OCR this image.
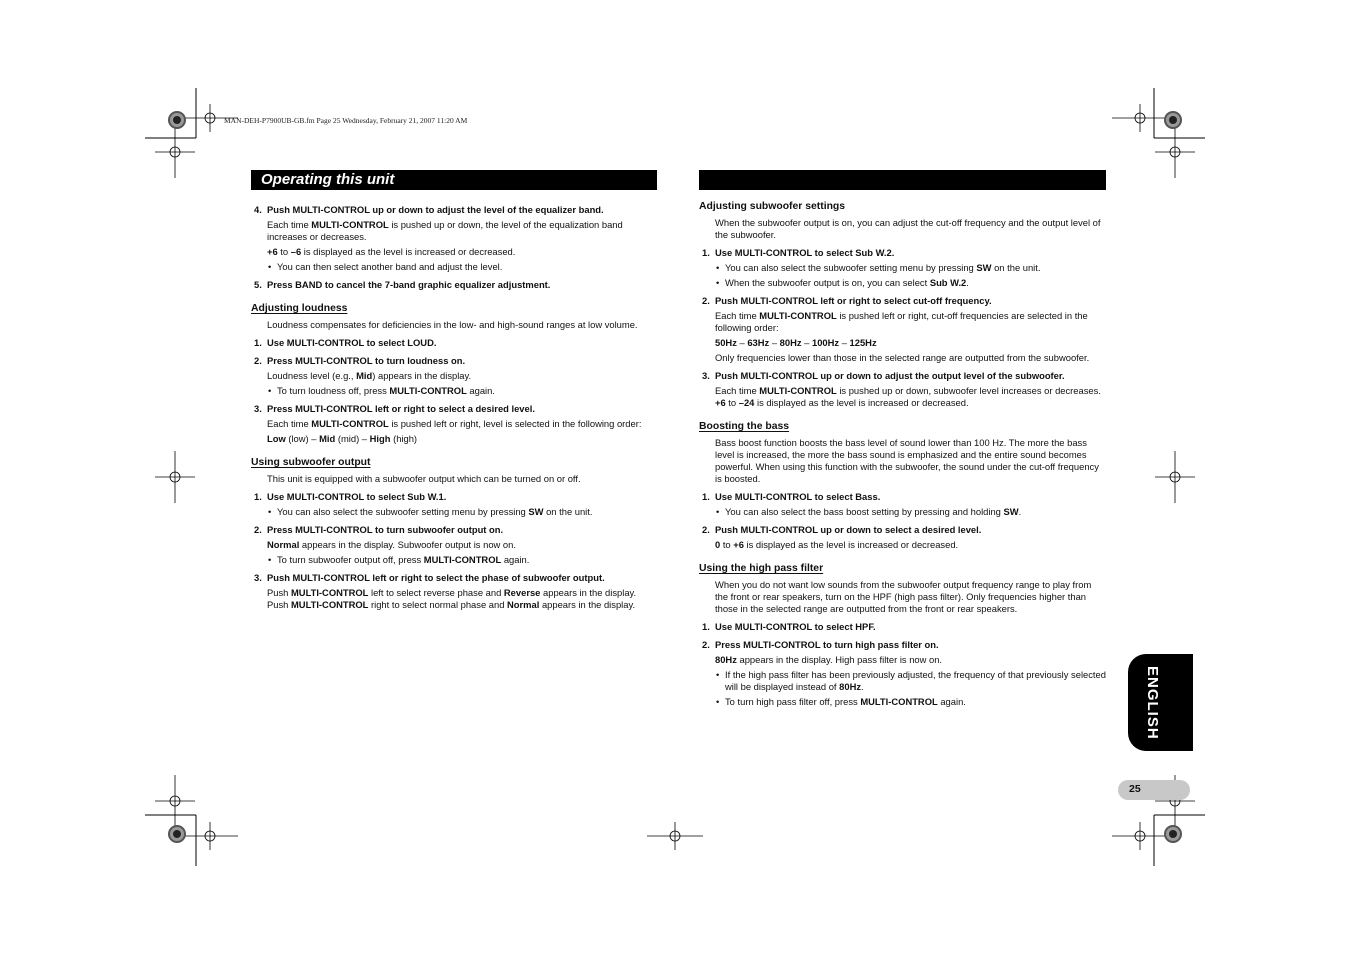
MAN-DEH-P7900UB-GB.fm Page 25 Wednesday, February 21, 2007 11:20 AM
Operating this unit
4. Push MULTI-CONTROL up or down to adjust the level of the equalizer band.
Each time MULTI-CONTROL is pushed up or down, the level of the equalization band increases or decreases.
+6 to –6 is displayed as the level is increased or decreased.
• You can then select another band and adjust the level.
5. Press BAND to cancel the 7-band graphic equalizer adjustment.
Adjusting loudness
Loudness compensates for deficiencies in the low- and high-sound ranges at low volume.
1. Use MULTI-CONTROL to select LOUD.
2. Press MULTI-CONTROL to turn loudness on.
Loudness level (e.g., Mid) appears in the display.
• To turn loudness off, press MULTI-CONTROL again.
3. Press MULTI-CONTROL left or right to select a desired level.
Each time MULTI-CONTROL is pushed left or right, level is selected in the following order:
Low (low) – Mid (mid) – High (high)
Using subwoofer output
This unit is equipped with a subwoofer output which can be turned on or off.
1. Use MULTI-CONTROL to select Sub W.1.
• You can also select the subwoofer setting menu by pressing SW on the unit.
2. Press MULTI-CONTROL to turn subwoofer output on.
Normal appears in the display. Subwoofer output is now on.
• To turn subwoofer output off, press MULTI-CONTROL again.
3. Push MULTI-CONTROL left or right to select the phase of subwoofer output.
Push MULTI-CONTROL left to select reverse phase and Reverse appears in the display. Push MULTI-CONTROL right to select normal phase and Normal appears in the display.
Adjusting subwoofer settings
When the subwoofer output is on, you can adjust the cut-off frequency and the output level of the subwoofer.
1. Use MULTI-CONTROL to select Sub W.2.
• You can also select the subwoofer setting menu by pressing SW on the unit.
• When the subwoofer output is on, you can select Sub W.2.
2. Push MULTI-CONTROL left or right to select cut-off frequency.
Each time MULTI-CONTROL is pushed left or right, cut-off frequencies are selected in the following order:
50Hz – 63Hz – 80Hz – 100Hz – 125Hz
Only frequencies lower than those in the selected range are outputted from the subwoofer.
3. Push MULTI-CONTROL up or down to adjust the output level of the subwoofer.
Each time MULTI-CONTROL is pushed up or down, subwoofer level increases or decreases. +6 to –24 is displayed as the level is increased or decreased.
Boosting the bass
Bass boost function boosts the bass level of sound lower than 100 Hz. The more the bass level is increased, the more the bass sound is emphasized and the entire sound becomes powerful. When using this function with the subwoofer, the sound under the cut-off frequency is boosted.
1. Use MULTI-CONTROL to select Bass.
• You can also select the bass boost setting by pressing and holding SW.
2. Push MULTI-CONTROL up or down to select a desired level.
0 to +6 is displayed as the level is increased or decreased.
Using the high pass filter
When you do not want low sounds from the subwoofer output frequency range to play from the front or rear speakers, turn on the HPF (high pass filter). Only frequencies higher than those in the selected range are outputted from the front or rear speakers.
1. Use MULTI-CONTROL to select HPF.
2. Press MULTI-CONTROL to turn high pass filter on.
80Hz appears in the display. High pass filter is now on.
• If the high pass filter has been previously adjusted, the frequency of that previously selected will be displayed instead of 80Hz.
• To turn high pass filter off, press MULTI-CONTROL again.	ENGLISH
25
